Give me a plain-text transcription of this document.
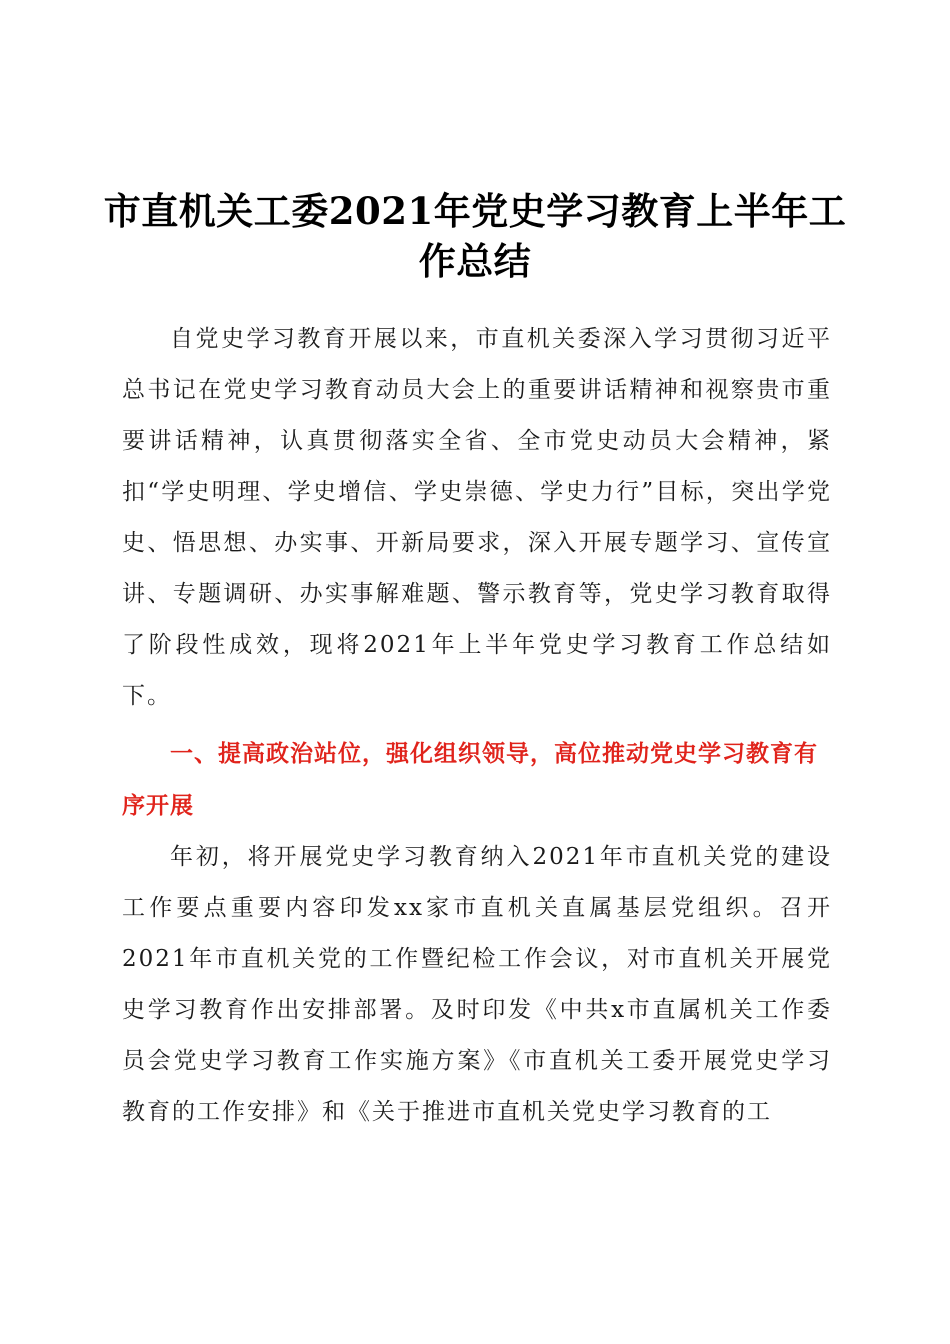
市直机关工委2021年党史学习教育上半年工作总结

自党史学习教育开展以来，市直机关委深入学习贯彻习近平总书记在党史学习教育动员大会上的重要讲话精神和视察贵市重要讲话精神，认真贯彻落实全省、全市党史动员大会精神，紧扣“学史明理、学史增信、学史崇德、学史力行”目标，突出学党史、悟思想、办实事、开新局要求，深入开展专题学习、宣传宣讲、专题调研、办实事解难题、警示教育等，党史学习教育取得了阶段性成效，现将2021年上半年党史学习教育工作总结如下。

一、提高政治站位，强化组织领导，高位推动党史学习教育有序开展

年初，将开展党史学习教育纳入2021年市直机关党的建设工作要点重要内容印发xx家市直机关直属基层党组织。召开2021年市直机关党的工作暨纪检工作会议，对市直机关开展党史学习教育作出安排部署。及时印发《中共x市直属机关工作委员会党史学习教育工作实施方案》《市直机关工委开展党史学习教育的工作安排》和《关于推进市直机关党史学习教育的工
